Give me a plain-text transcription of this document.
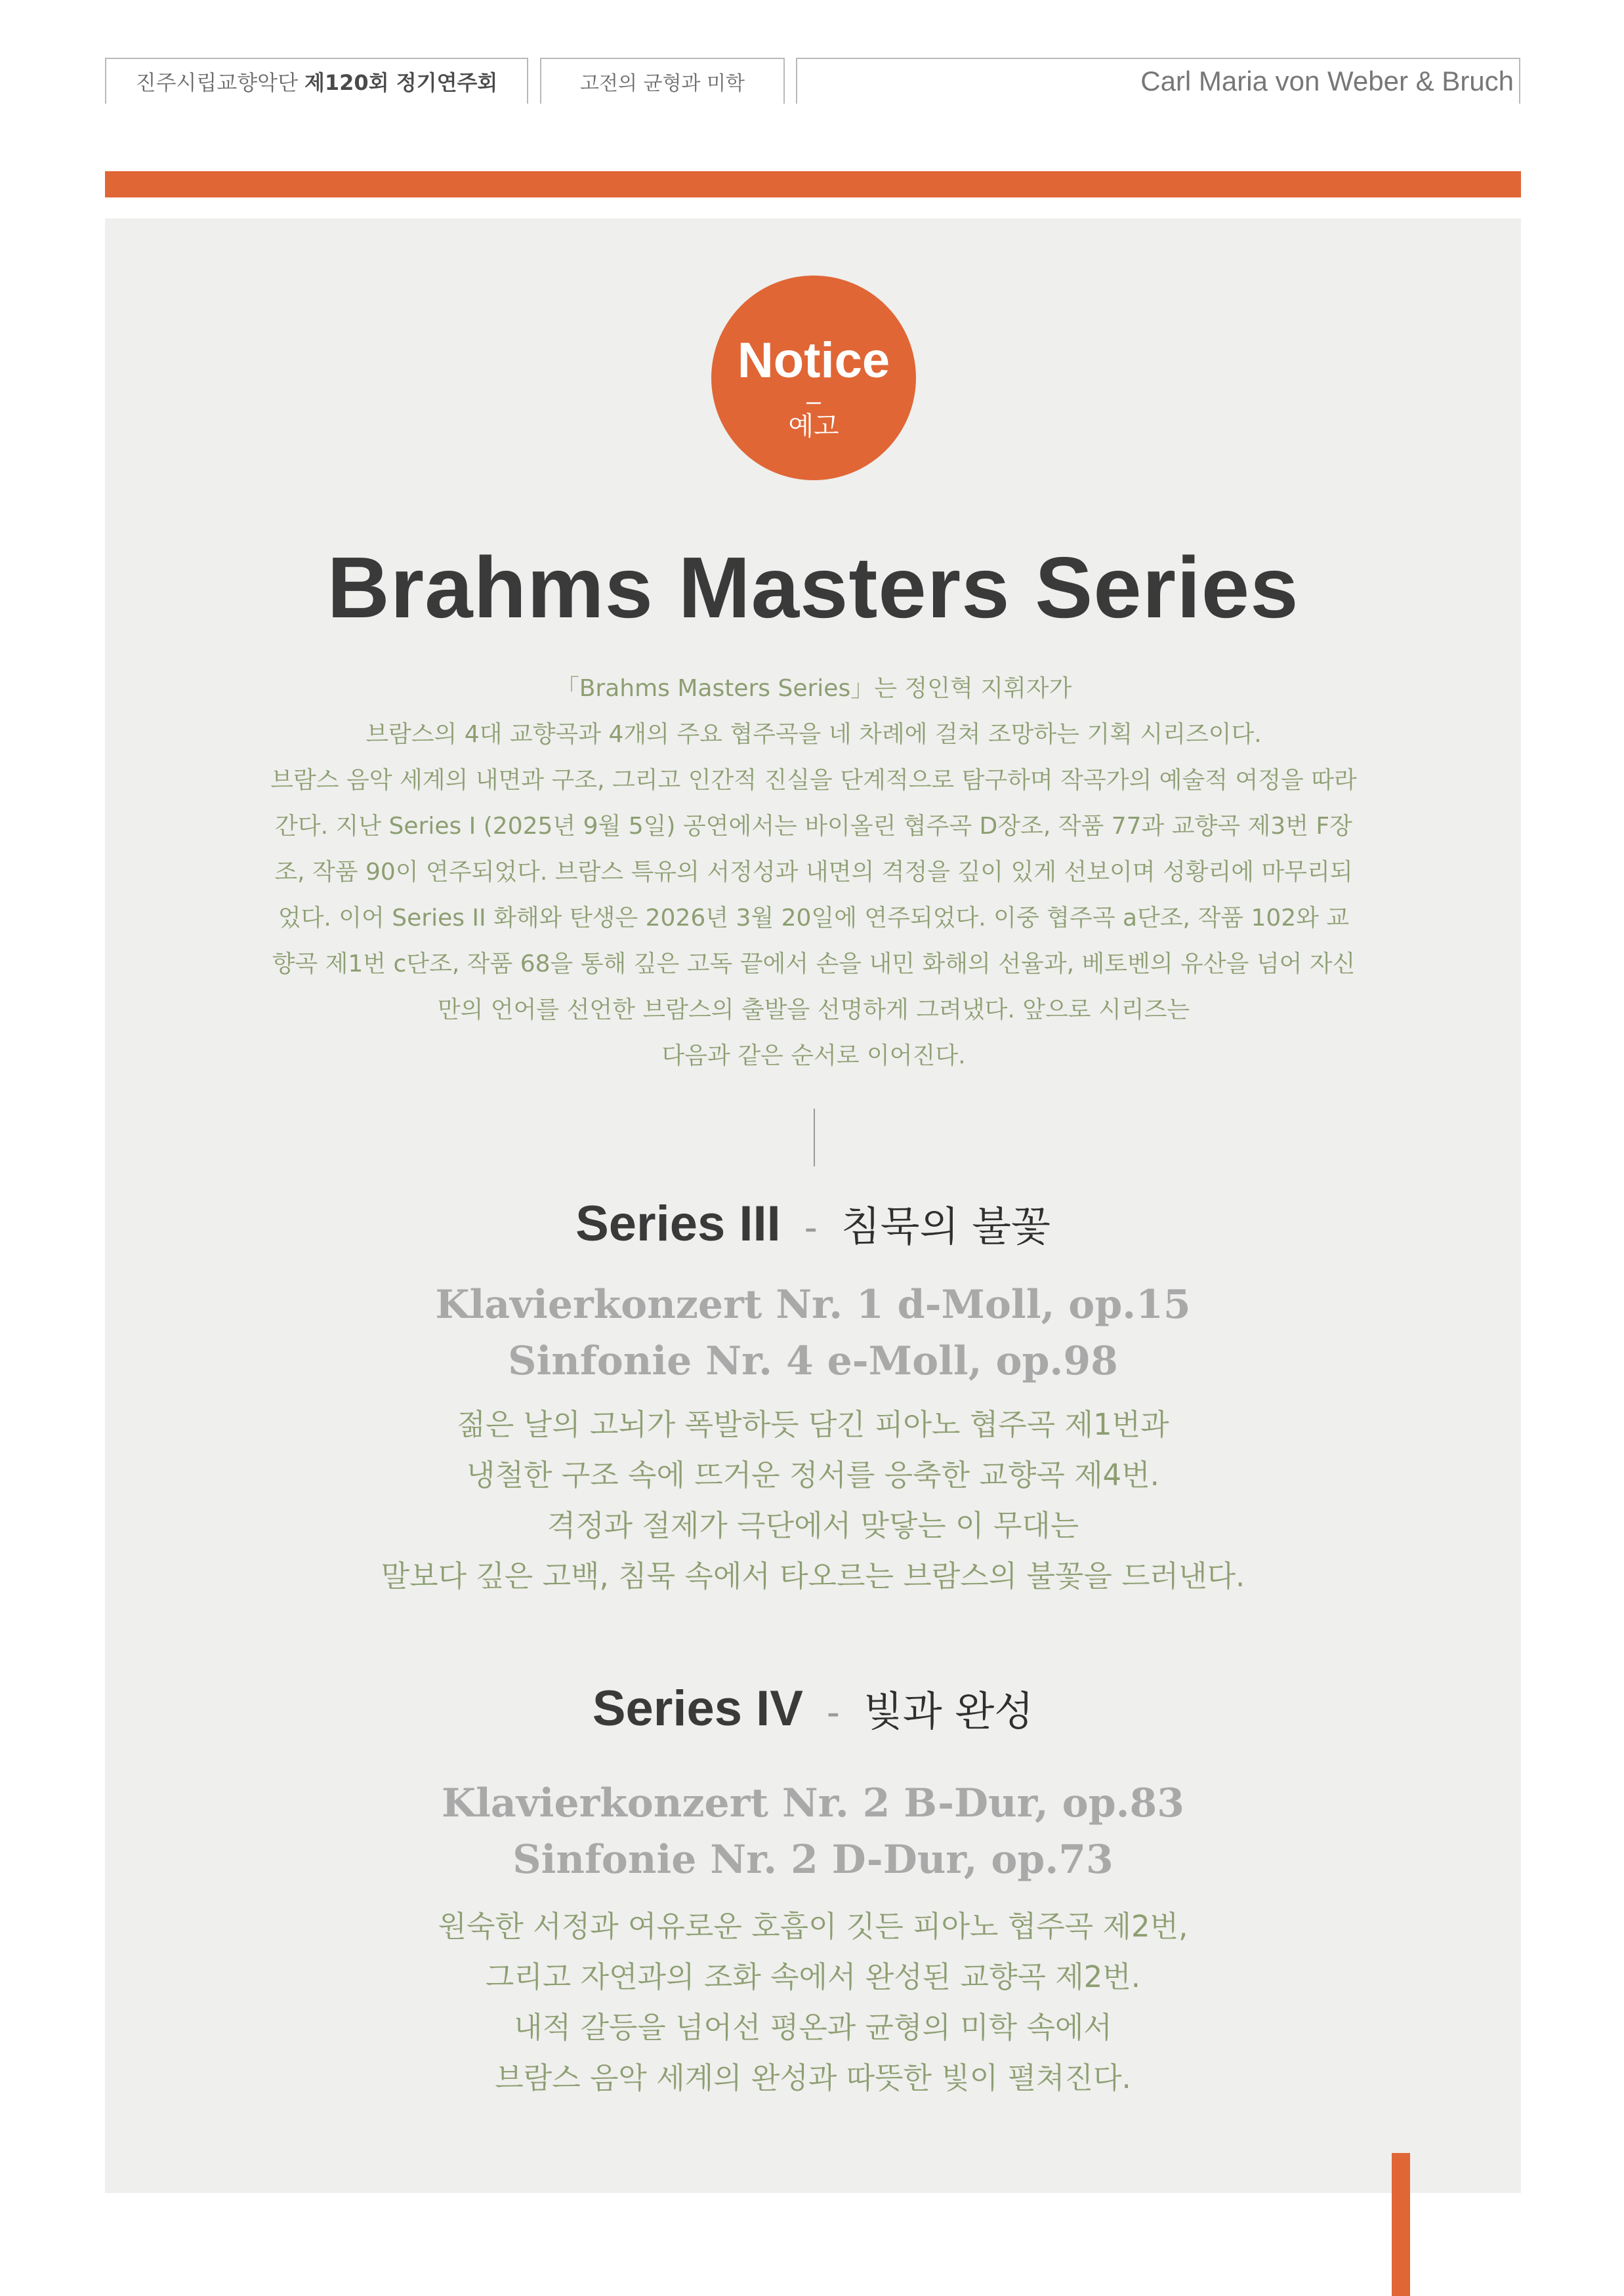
진주시립교향악단 제120회 정기연주회	고전의 균형과 미학	Carl Maria von Weber & Bruch
Notice
예고
Brahms Masters Series

「Brahms Masters Series」는 정인혁 지휘자가
브람스의 4대 교향곡과 4개의 주요 협주곡을 네 차례에 걸쳐 조망하는 기획 시리즈이다.
브람스 음악 세계의 내면과 구조, 그리고 인간적 진실을 단계적으로 탐구하며 작곡가의 예술적 여정을 따라
간다. 지난 Series I (2025년 9월 5일) 공연에서는 바이올린 협주곡 D장조, 작품 77과 교향곡 제3번 F장
조, 작품 90이 연주되었다. 브람스 특유의 서정성과 내면의 격정을 깊이 있게 선보이며 성황리에 마무리되
었다. 이어 Series II 화해와 탄생은 2026년 3월 20일에 연주되었다. 이중 협주곡 a단조, 작품 102와 교
향곡 제1번 c단조, 작품 68을 통해 깊은 고독 끝에서 손을 내민 화해의 선율과, 베토벤의 유산을 넘어 자신
만의 언어를 선언한 브람스의 출발을 선명하게 그려냈다. 앞으로 시리즈는
다음과 같은 순서로 이어진다.

Series III - 침묵의 불꽃
Klavierkonzert Nr. 1 d-Moll, op.15
Sinfonie Nr. 4 e-Moll, op.98
젊은 날의 고뇌가 폭발하듯 담긴 피아노 협주곡 제1번과
냉철한 구조 속에 뜨거운 정서를 응축한 교향곡 제4번.
격정과 절제가 극단에서 맞닿는 이 무대는
말보다 깊은 고백, 침묵 속에서 타오르는 브람스의 불꽃을 드러낸다.
Series IV - 빛과 완성
Klavierkonzert Nr. 2 B-Dur, op.83
Sinfonie Nr. 2 D-Dur, op.73
원숙한 서정과 여유로운 호흡이 깃든 피아노 협주곡 제2번,
그리고 자연과의 조화 속에서 완성된 교향곡 제2번.
내적 갈등을 넘어선 평온과 균형의 미학 속에서
브람스 음악 세계의 완성과 따뜻한 빛이 펼쳐진다.
